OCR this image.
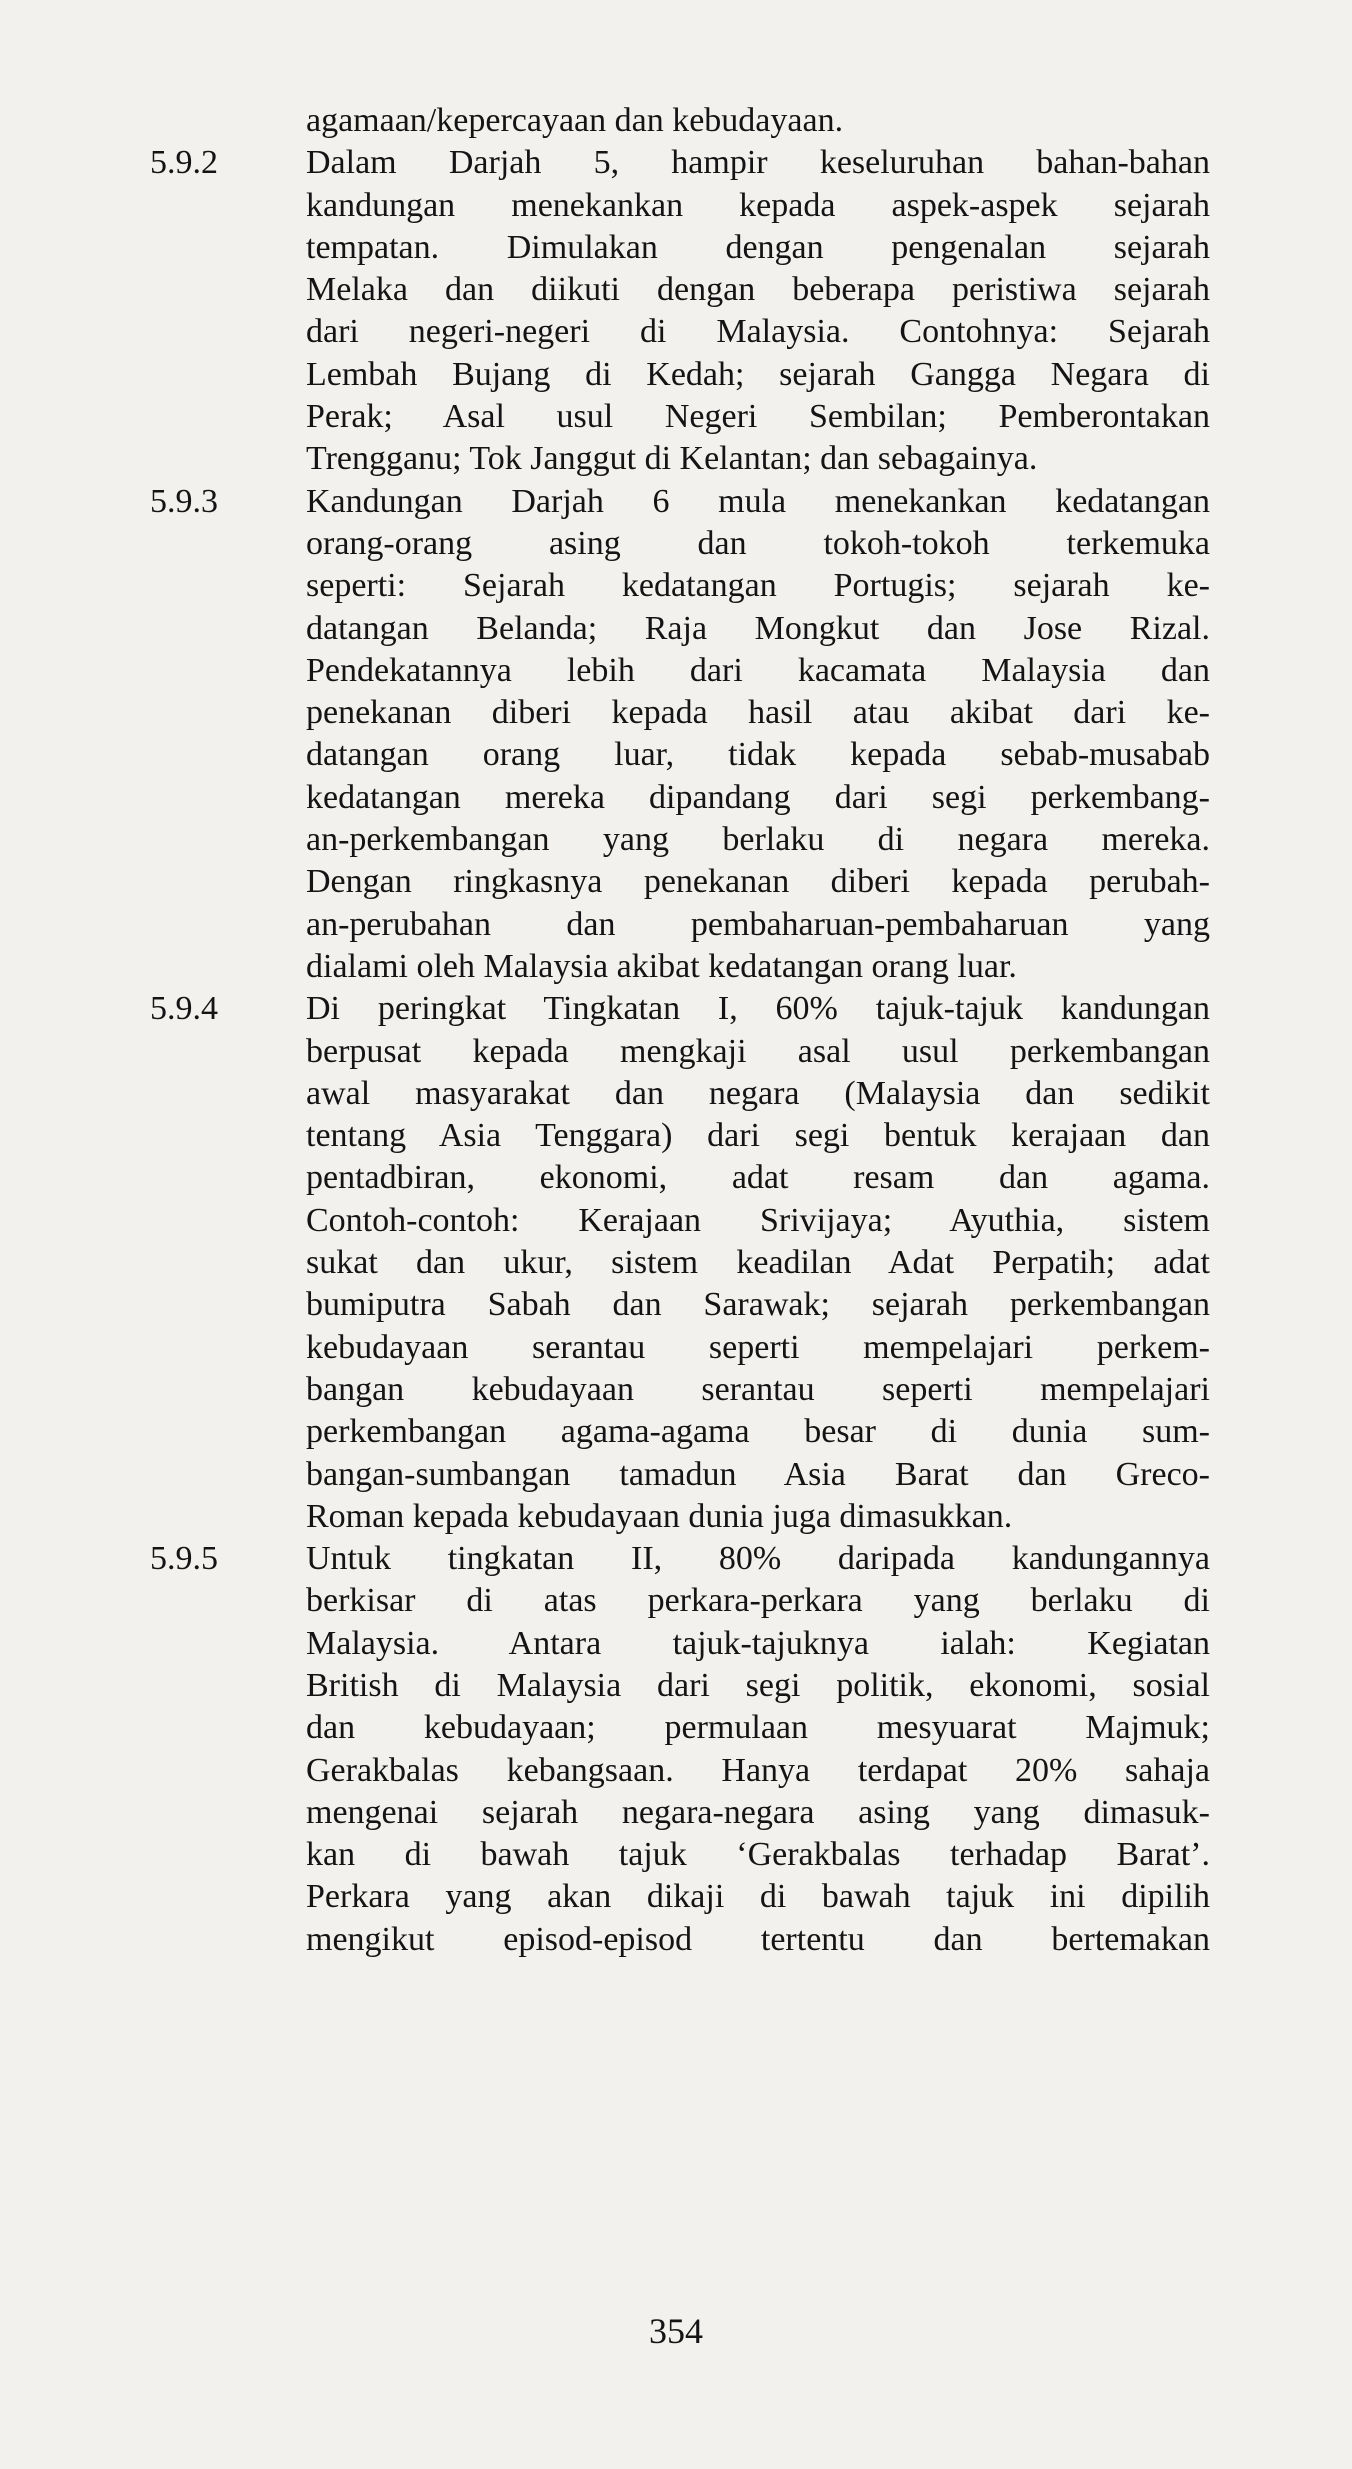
agamaan/kepercayaan dan kebudayaan.
5.9.2	Dalam Darjah 5, hampir keseluruhan bahan-bahan
kandungan menekankan kepada aspek-aspek sejarah
tempatan. Dimulakan dengan pengenalan sejarah
Melaka dan diikuti dengan beberapa peristiwa sejarah
dari negeri-negeri di Malaysia. Contohnya: Sejarah
Lembah Bujang di Kedah; sejarah Gangga Negara di
Perak; Asal usul Negeri Sembilan; Pemberontakan
Trengganu; Tok Janggut di Kelantan; dan sebagainya.
5.9.3	Kandungan Darjah 6 mula menekankan kedatangan
orang-orang asing dan tokoh-tokoh terkemuka
seperti: Sejarah kedatangan Portugis; sejarah ke-
datangan Belanda; Raja Mongkut dan Jose Rizal.
Pendekatannya lebih dari kacamata Malaysia dan
penekanan diberi kepada hasil atau akibat dari ke-
datangan orang luar, tidak kepada sebab-musabab
kedatangan mereka dipandang dari segi perkembang-
an-perkembangan yang berlaku di negara mereka.
Dengan ringkasnya penekanan diberi kepada perubah-
an-perubahan dan pembaharuan-pembaharuan yang
dialami oleh Malaysia akibat kedatangan orang luar.
5.9.4	Di peringkat Tingkatan I, 60% tajuk-tajuk kandungan
berpusat kepada mengkaji asal usul perkembangan
awal masyarakat dan negara (Malaysia dan sedikit
tentang Asia Tenggara) dari segi bentuk kerajaan dan
pentadbiran, ekonomi, adat resam dan agama.
Contoh-contoh: Kerajaan Srivijaya; Ayuthia, sistem
sukat dan ukur, sistem keadilan Adat Perpatih; adat
bumiputra Sabah dan Sarawak; sejarah perkembangan
kebudayaan serantau seperti mempelajari perkem-
bangan kebudayaan serantau seperti mempelajari
perkembangan agama-agama besar di dunia sum-
bangan-sumbangan tamadun Asia Barat dan Greco-
Roman kepada kebudayaan dunia juga dimasukkan.
5.9.5	Untuk tingkatan II, 80% daripada kandungannya
berkisar di atas perkara-perkara yang berlaku di
Malaysia. Antara tajuk-tajuknya ialah: Kegiatan
British di Malaysia dari segi politik, ekonomi, sosial
dan kebudayaan; permulaan mesyuarat Majmuk;
Gerakbalas kebangsaan. Hanya terdapat 20% sahaja
mengenai sejarah negara-negara asing yang dimasuk-
kan di bawah tajuk ‘Gerakbalas terhadap Barat’.
Perkara yang akan dikaji di bawah tajuk ini dipilih
mengikut episod-episod tertentu dan bertemakan
354
